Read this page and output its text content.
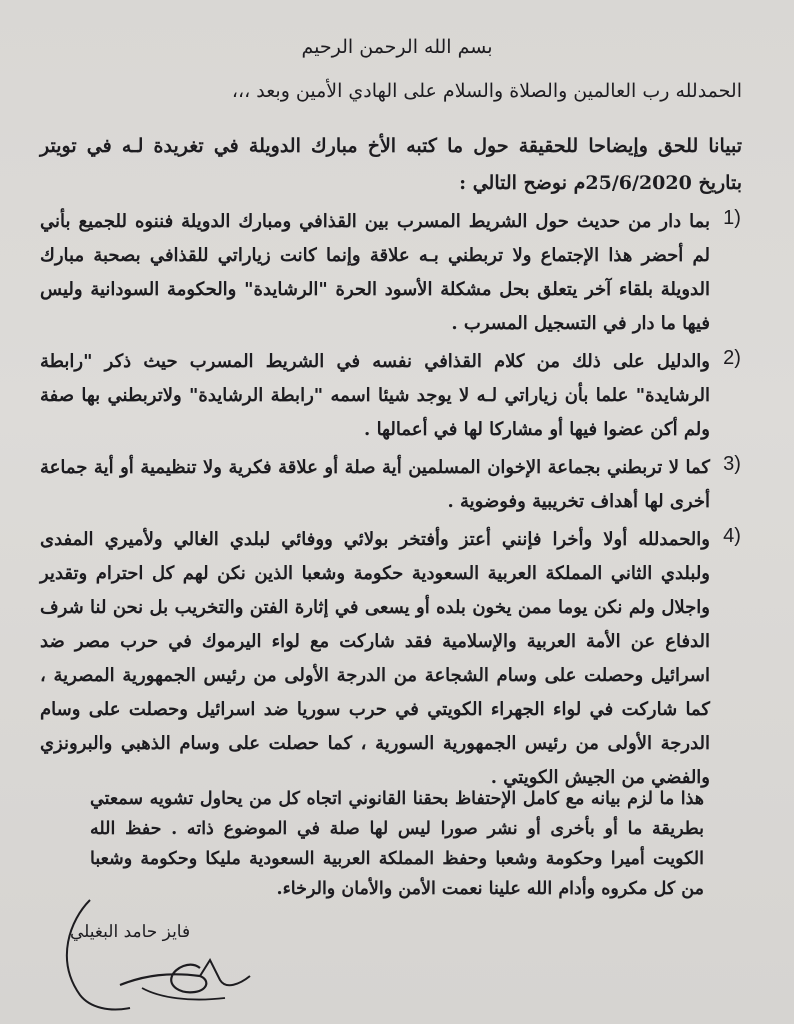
بسم الله الرحمن الرحيم
الحمدلله رب العالمين والصلاة والسلام على الهادي الأمين وبعد ،،،
تبيانا للحق وإيضاحا للحقيقة حول ما كتبه الأخ مبارك الدويلة في تغريدة لـه في تويتر بتاريخ 25/6/2020م نوضح التالي :
1)
بما دار من حديث حول الشريط المسرب بين القذافي ومبارك الدويلة فننوه للجميع بأني لم أحضر هذا الإجتماع ولا تربطني بـه علاقة وإنما كانت زياراتي للقذافي بصحبة مبارك الدويلة بلقاء آخر يتعلق بحل مشكلة الأسود الحرة "الرشايدة" والحكومة السودانية وليس فيها ما دار في التسجيل المسرب .
2)
والدليل على ذلك من كلام القذافي نفسه في الشريط المسرب حيث ذكر "رابطة الرشايدة" علما بأن زياراتي لـه لا يوجد شيئا اسمه "رابطة الرشايدة" ولاتربطني بها صفة ولم أكن عضوا فيها أو مشاركا لها في أعمالها .
3)
كما لا تربطني بجماعة الإخوان المسلمين أية صلة أو علاقة فكرية ولا تنظيمية أو أية جماعة أخرى لها أهداف تخريبية وفوضوية .
4)
والحمدلله أولا وأخرا فإنني أعتز وأفتخر بولائي ووفائي لبلدي الغالي ولأميري المفدى ولبلدي الثاني المملكة العربية السعودية حكومة وشعبا الذين نكن لهم كل احترام وتقدير واجلال ولم نكن يوما ممن يخون بلده أو يسعى في إثارة الفتن والتخريب بل نحن لنا شرف الدفاع عن الأمة العربية والإسلامية فقد شاركت مع لواء اليرموك في حرب مصر ضد اسرائيل وحصلت على وسام الشجاعة من الدرجة الأولى من رئيس الجمهورية المصرية ، كما شاركت في لواء الجهراء الكويتي في حرب سوريا ضد اسرائيل وحصلت على وسام الدرجة الأولى من رئيس الجمهورية السورية ، كما حصلت على وسام الذهبي والبرونزي والفضي من الجيش الكويتي .
هذا ما لزم بيانه مع كامل الإحتفاظ بحقنا القانوني اتجاه كل من يحاول تشويه سمعتي بطريقة ما أو بأخرى أو نشر صورا ليس لها صلة في الموضوع ذاته . حفظ الله الكويت أميرا وحكومة وشعبا وحفظ المملكة العربية السعودية مليكا وحكومة وشعبا من كل مكروه وأدام الله علينا نعمت الأمن والأمان والرخاء.
فايز حامد البغيلي
